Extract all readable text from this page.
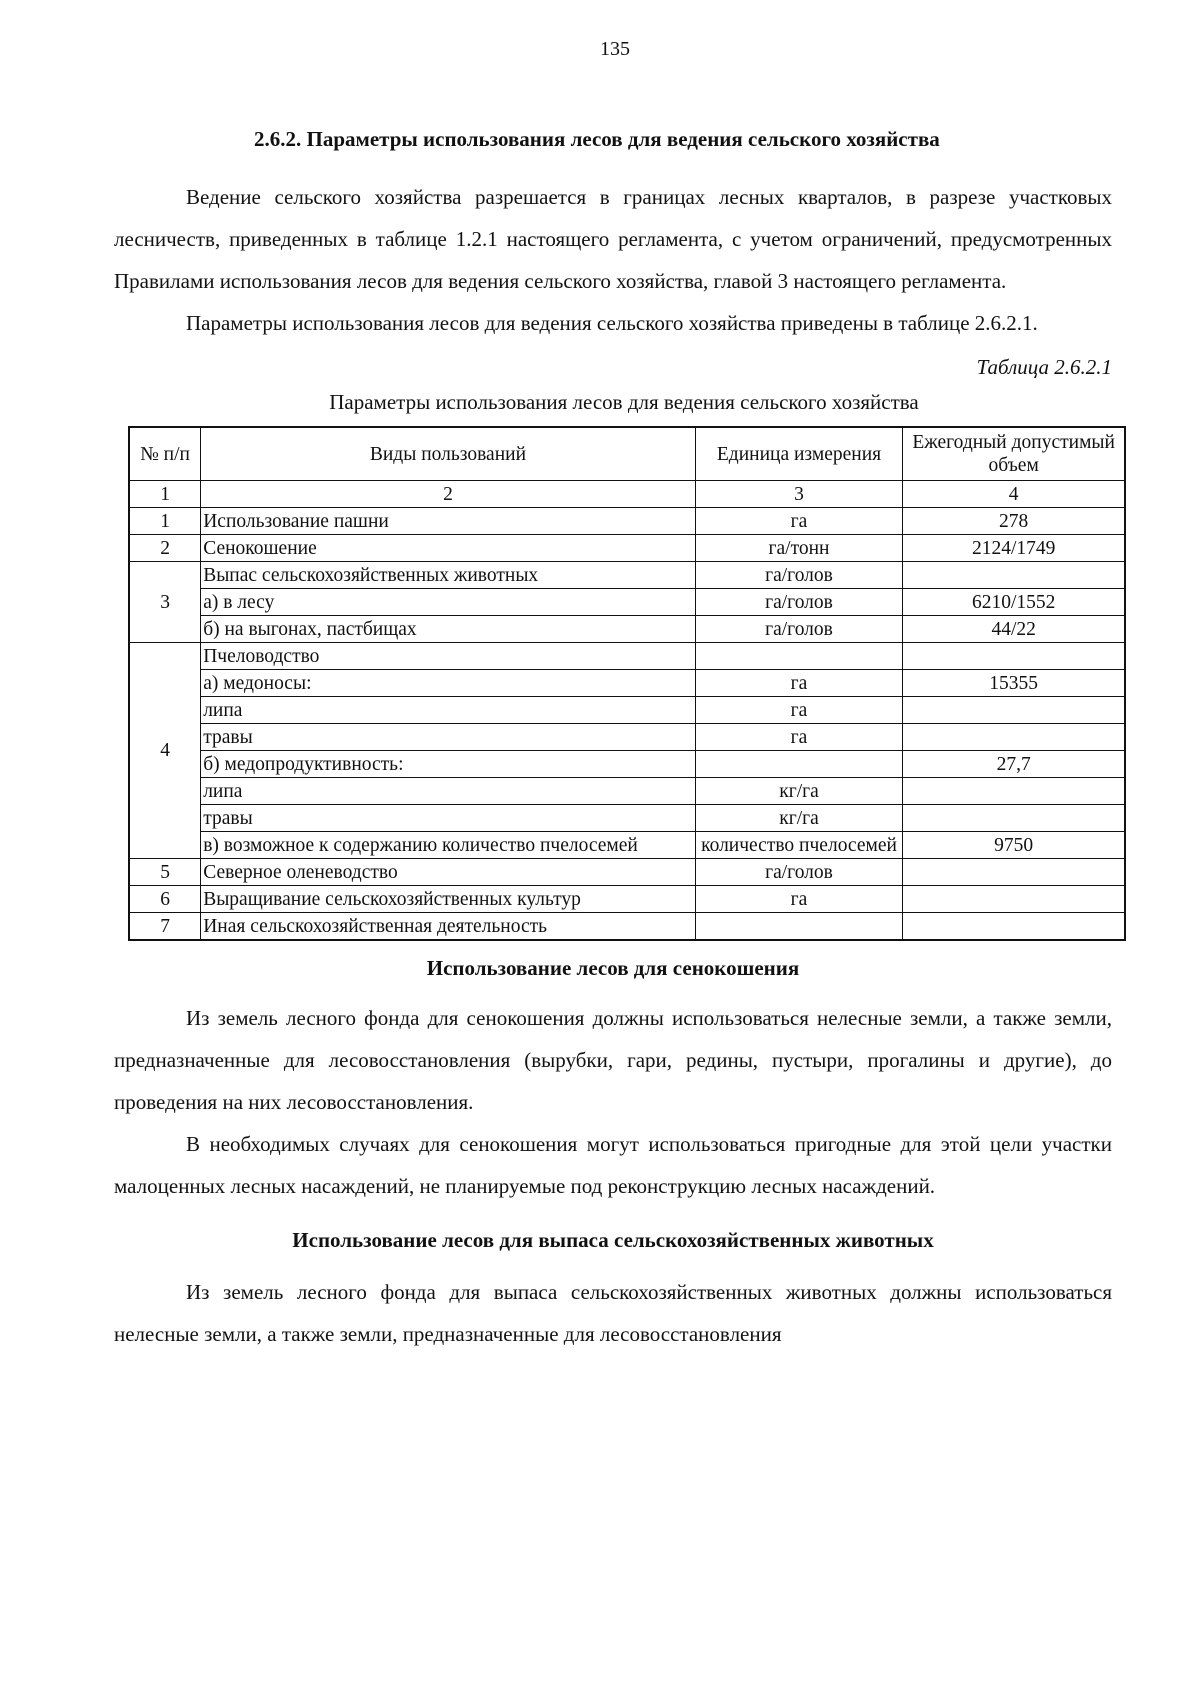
135
2.6.2. Параметры использования лесов для ведения сельского хозяйства

Ведение сельского хозяйства разрешается в границах лесных кварталов, в разрезе участковых лесничеств, приведенных в таблице 1.2.1 настоящего регламента, с учетом ограничений, предусмотренных Правилами использования лесов для ведения сельского хозяйства, главой 3 настоящего регламента.

Параметры использования лесов для ведения сельского хозяйства приведены в таблице 2.6.2.1.

Таблица 2.6.2.1
Параметры использования лесов для ведения сельского хозяйства
№ п/п	Виды пользований	Единица измерения	Ежегодный допустимый объем
1	2	3	4
1	Использование пашни	га	278
2	Сенокошение	га/тонн	2124/1749
3	Выпас сельскохозяйственных животных	га/голов	
	а) в лесу	га/голов	6210/1552
	б) на выгонах, пастбищах	га/голов	44/22
4	Пчеловодство		
	а) медоносы:	га	15355
	липа	га	
	травы	га	
	б) медопродуктивность:		27,7
	липа	кг/га	
	травы	кг/га	
	в) возможное к содержанию количество пчелосемей	количество пчелосемей	9750
5	Северное оленеводство	га/голов	
6	Выращивание сельскохозяйственных культур	га	
7	Иная сельскохозяйственная деятельность		
Использование лесов для сенокошения

Из земель лесного фонда для сенокошения должны использоваться нелесные земли, а также земли, предназначенные для лесовосстановления (вырубки, гари, редины, пустыри, прогалины и другие), до проведения на них лесовосстановления.

В необходимых случаях для сенокошения могут использоваться пригодные для этой цели участки малоценных лесных насаждений, не планируемые под реконструкцию лесных насаждений.

Использование лесов для выпаса сельскохозяйственных животных

Из земель лесного фонда для выпаса сельскохозяйственных животных должны использоваться нелесные земли, а также земли, предназначенные для лесовосстановления
